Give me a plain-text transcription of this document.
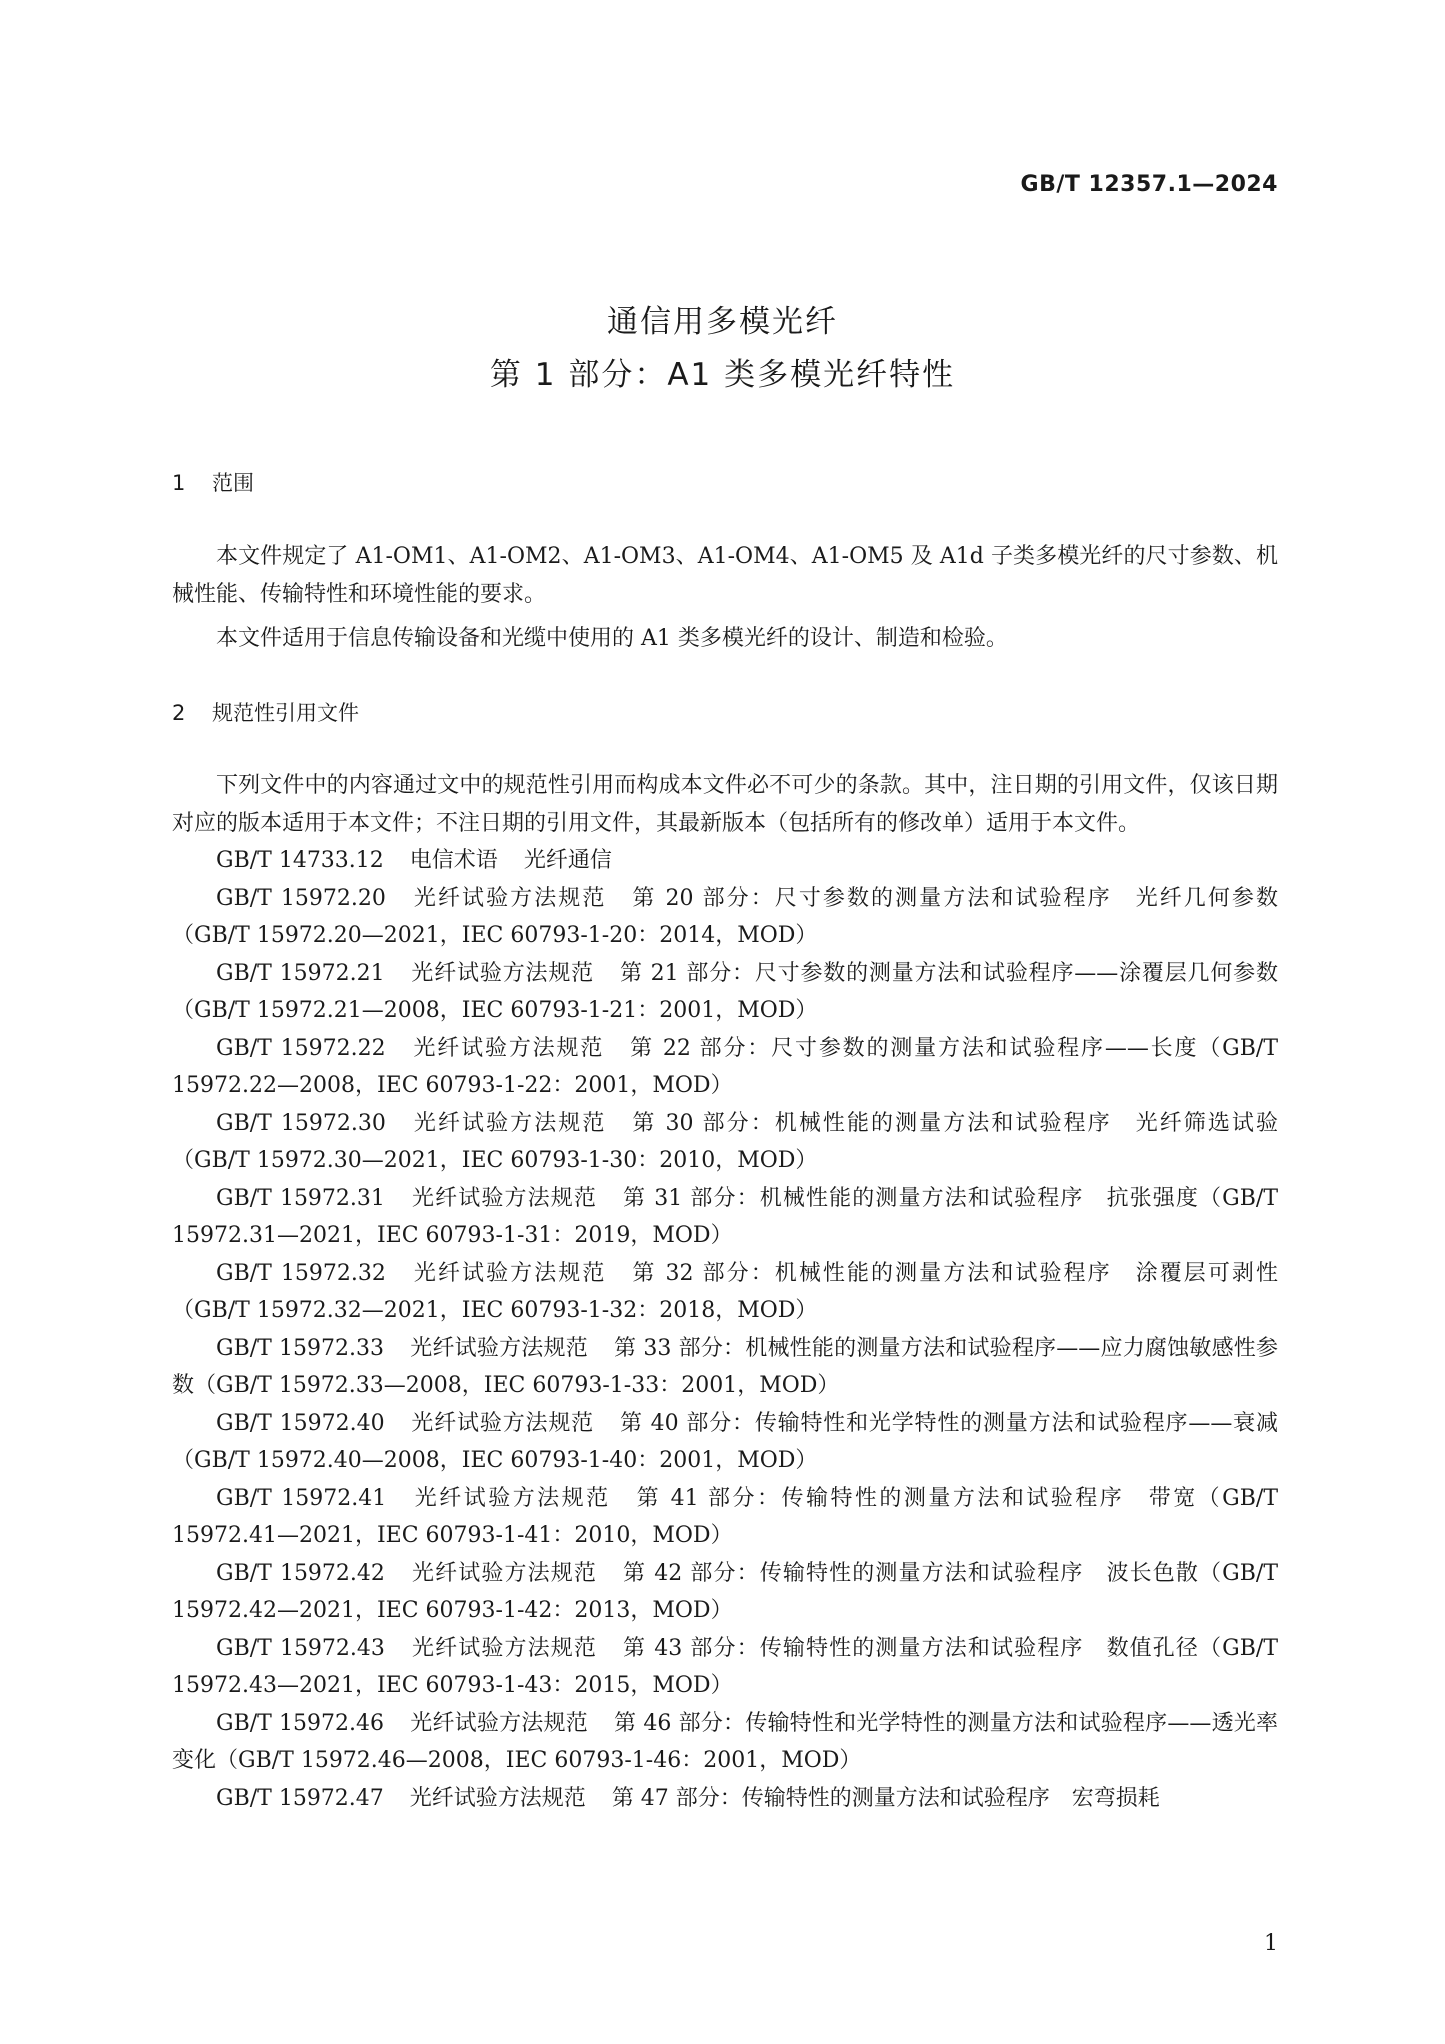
GB/T 12357.1—2024
通信用多模光纤
第 1 部分：A1 类多模光纤特性
1 范围
本文件规定了 A1-OM1、A1-OM2、A1-OM3、A1-OM4、A1-OM5 及 A1d 子类多模光纤的尺寸参数、机械性能、传输特性和环境性能的要求。
本文件适用于信息传输设备和光缆中使用的 A1 类多模光纤的设计、制造和检验。
2 规范性引用文件
下列文件中的内容通过文中的规范性引用而构成本文件必不可少的条款。其中，注日期的引用文件，仅该日期对应的版本适用于本文件；不注日期的引用文件，其最新版本（包括所有的修改单）适用于本文件。
GB/T 14733.12 电信术语 光纤通信
GB/T 15972.20 光纤试验方法规范 第 20 部分：尺寸参数的测量方法和试验程序　光纤几何参数（GB/T 15972.20—2021，IEC 60793-1-20：2014，MOD）
GB/T 15972.21 光纤试验方法规范 第 21 部分：尺寸参数的测量方法和试验程序——涂覆层几何参数（GB/T 15972.21—2008，IEC 60793-1-21：2001，MOD）
GB/T 15972.22 光纤试验方法规范 第 22 部分：尺寸参数的测量方法和试验程序——长度（GB/T 15972.22—2008，IEC 60793-1-22：2001，MOD）
GB/T 15972.30 光纤试验方法规范 第 30 部分：机械性能的测量方法和试验程序　光纤筛选试验（GB/T 15972.30—2021，IEC 60793-1-30：2010，MOD）
GB/T 15972.31 光纤试验方法规范 第 31 部分：机械性能的测量方法和试验程序　抗张强度（GB/T 15972.31—2021，IEC 60793-1-31：2019，MOD）
GB/T 15972.32 光纤试验方法规范 第 32 部分：机械性能的测量方法和试验程序　涂覆层可剥性（GB/T 15972.32—2021，IEC 60793-1-32：2018，MOD）
GB/T 15972.33 光纤试验方法规范 第 33 部分：机械性能的测量方法和试验程序——应力腐蚀敏感性参数（GB/T 15972.33—2008，IEC 60793-1-33：2001，MOD）
GB/T 15972.40 光纤试验方法规范 第 40 部分：传输特性和光学特性的测量方法和试验程序——衰减（GB/T 15972.40—2008，IEC 60793-1-40：2001，MOD）
GB/T 15972.41 光纤试验方法规范 第 41 部分：传输特性的测量方法和试验程序　带宽（GB/T 15972.41—2021，IEC 60793-1-41：2010，MOD）
GB/T 15972.42 光纤试验方法规范 第 42 部分：传输特性的测量方法和试验程序　波长色散（GB/T 15972.42—2021，IEC 60793-1-42：2013，MOD）
GB/T 15972.43 光纤试验方法规范 第 43 部分：传输特性的测量方法和试验程序　数值孔径（GB/T 15972.43—2021，IEC 60793-1-43：2015，MOD）
GB/T 15972.46 光纤试验方法规范 第 46 部分：传输特性和光学特性的测量方法和试验程序——透光率变化（GB/T 15972.46—2008，IEC 60793-1-46：2001，MOD）
GB/T 15972.47 光纤试验方法规范 第 47 部分：传输特性的测量方法和试验程序　宏弯损耗
1
